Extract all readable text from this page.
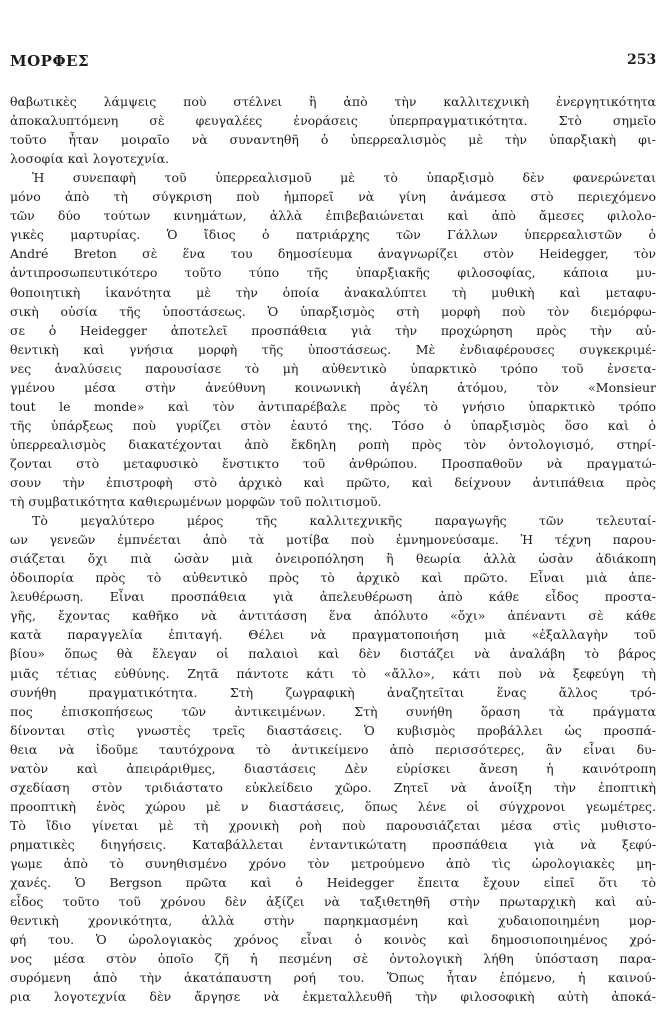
ΜΟΡΦΕΣ	253
θαβωτικὲς λάμψεις ποὺ στέλνει ἢ ἀπὸ τὴν καλλιτεχνικὴ ἐνεργητικότητα
ἀποκαλυπτόμενη σὲ φευγαλέες ἐνοράσεις ὑπερπραγματικότητα. Στὸ σημεῖο
τοῦτο ἦταν μοιραῖο νὰ συναντηθῆ ὁ ὑπερρεαλισμὸς μὲ τὴν ὑπαρξιακὴ φι-
λοσοφία καὶ λογοτεχνία.
Ἡ συνεπαφὴ τοῦ ὑπερρεαλισμοῦ μὲ τὸ ὑπαρξισμὸ δὲν φανερώνεται
μόνο ἀπὸ τὴ σύγκριση ποὺ ἠμπορεῖ νὰ γίνη ἀνάμεσα στὸ περιεχόμενο
τῶν δύο τούτων κινημάτων, ἀλλὰ ἐπιβεβαιώνεται καὶ ἀπὸ ἄμεσες φιλολο-
γικὲς μαρτυρίας. Ὁ ἴδιος ὁ πατριάρχης τῶν Γάλλων ὑπερρεαλιστῶν ὁ
André Breton σὲ ἕνα του δημοσίευμα ἀναγνωρίζει στὸν Heidegger, τὸν
ἀντιπροσωπευτικότερο τοῦτο τύπο τῆς ὑπαρξιακῆς φιλοσοφίας, κάποια μυ-
θοποιητικὴ ἱκανότητα μὲ τὴν ὁποία ἀνακαλύπτει τὴ μυθικὴ καὶ μεταφυ-
σικὴ οὐσία τῆς ὑποστάσεως. Ὁ ὑπαρξισμὸς στὴ μορφὴ ποὺ τὸν διεμόρφω-
σε ὁ Heidegger ἀποτελεῖ προσπάθεια γιὰ τὴν προχώρηση πρὸς τὴν αὐ-
θεντικὴ καὶ γνήσια μορφὴ τῆς ὑποστάσεως. Μὲ ἐνδιαφέρουσες συγκεκριμέ-
νες ἀναλύσεις παρουσίασε τὸ μὴ αὐθεντικὸ ὑπαρκτικὸ τρόπο τοῦ ἐνσετα-
γμένου μέσα στὴν ἀνεύθυνη κοινωνικὴ ἀγέλη ἀτόμου, τὸν «Monsieur
tout le monde» καὶ τὸν ἀντιπαρέβαλε πρὸς τὸ γνήσιο ὑπαρκτικὸ τρόπο
τῆς ὑπάρξεως ποὺ γυρίζει στὸν ἑαυτό της. Τόσο ὁ ὑπαρξισμὸς ὅσο καὶ ὁ
ὑπερρεαλισμὸς διακατέχονται ἀπὸ ἔκδηλη ροπὴ πρὸς τὸν ὀντολογισμό, στηρί-
ζονται στὸ μεταφυσικὸ ἔνστικτο τοῦ ἀνθρώπου. Προσπαθοῦν νὰ πραγματώ-
σουν τὴν ἐπιστροφὴ στὸ ἀρχικὸ καὶ πρῶτο, καὶ δείχνουν ἀντιπάθεια πρὸς
τὴ συμβατικότητα καθιερωμένων μορφῶν τοῦ πολιτισμοῦ.
Τὸ μεγαλύτερο μέρος τῆς καλλιτεχνικῆς παραγωγῆς τῶν τελευταί-
ων γενεῶν ἐμπνέεται ἀπὸ τὰ μοτίβα ποὺ ἐμνημονεύσαμε. Ἡ τέχνη παρου-
σιάζεται ὄχι πιὰ ὡσὰν μιὰ ὀνειροπόληση ἢ θεωρία ἀλλὰ ὡσὰν ἀδιάκοπη
ὁδοιπορία πρὸς τὸ αὐθεντικὸ πρὸς τὸ ἀρχικὸ καὶ πρῶτο. Εἶναι μιὰ ἀπε-
λευθέρωση. Εἶναι προσπάθεια γιὰ ἀπελευθέρωση ἀπὸ κάθε εἶδος προστα-
γῆς, ἔχοντας καθῆκο νὰ ἀντιτάσση ἕνα ἀπόλυτο «ὄχι» ἀπέναντι σὲ κάθε
κατὰ παραγγελία ἐπιταγή. Θέλει νὰ πραγματοποιήση μιὰ «ἐξαλλαγὴν τοῦ
βίου» ὅπως θὰ ἔλεγαν οἱ παλαιοὶ καὶ δὲν διστάζει νὰ ἀναλάβη τὸ βάρος
μιᾶς τέτιας εὐθύνης. Ζητᾶ πάντοτε κάτι τὸ «ἄλλο», κάτι ποὺ νὰ ξεφεύγη τὴ
συνήθη πραγματικότητα. Στὴ ζωγραφικὴ ἀναζητεῖται ἕνας ἄλλος τρό-
πος ἐπισκοπήσεως τῶν ἀντικειμένων. Στὴ συνήθη ὅραση τὰ πράγματα
δίνονται στὶς γνωστὲς τρεῖς διαστάσεις. Ὁ κυβισμὸς προβάλλει ὡς προσπά-
θεια νὰ ἰδοῦμε ταυτόχρονα τὸ ἀντικείμενο ἀπὸ περισσότερες, ἂν εἶναι δυ-
νατὸν καὶ ἀπειράριθμες, διαστάσεις Δὲν εὑρίσκει ἄνεση ἡ καινότροπη
σχεδίαση στὸν τριδιάστατο εὐκλείδειο χῶρο. Ζητεῖ νὰ ἀνοίξη τὴν ἐποπτικὴ
προοπτικὴ ἑνὸς χώρου μὲ ν διαστάσεις, ὅπως λένε οἱ σύγχρονοι γεωμέτρες.
Τὸ ἴδιο γίνεται μὲ τὴ χρονικὴ ροὴ ποὺ παρουσιάζεται μέσα στὶς μυθιστο-
ρηματικὲς διηγήσεις. Καταβάλλεται ἐνταντικώτατη προσπάθεια γιὰ νὰ ξεφύ-
γωμε ἀπὸ τὸ συνηθισμένο χρόνο τὸν μετρούμενο ἀπὸ τὶς ὡρολογιακὲς μη-
χανές. Ὁ Bergson πρῶτα καὶ ὁ Heidegger ἔπειτα ἔχουν εἰπεῖ ὅτι τὸ
εἶδος τοῦτο τοῦ χρόνου δὲν ἀξίζει νὰ ταξιθετηθῆ στὴν πρωταρχικὴ καὶ αὐ-
θεντικὴ χρονικότητα, ἀλλὰ στὴν παρηκμασμένη καὶ χυδαιοποιημένη μορ-
φή του. Ὁ ὡρολογιακὸς χρόνος εἶναι ὁ κοινὸς καὶ δημοσιοποιημένος χρό-
νος μέσα στὸν ὁποῖο ζῆ ἡ πεσμένη σὲ ὀντολογικὴ λήθη ὑπόσταση παρα-
συρόμενη ἀπὸ τὴν ἀκατάπαυστη ροή του. Ὅπως ἦταν ἑπόμενο, ἡ καινού-
ρια λογοτεχνία δὲν ἄργησε νὰ ἐκμεταλλευθῆ τὴν φιλοσοφικὴ αὐτὴ ἀποκά-
